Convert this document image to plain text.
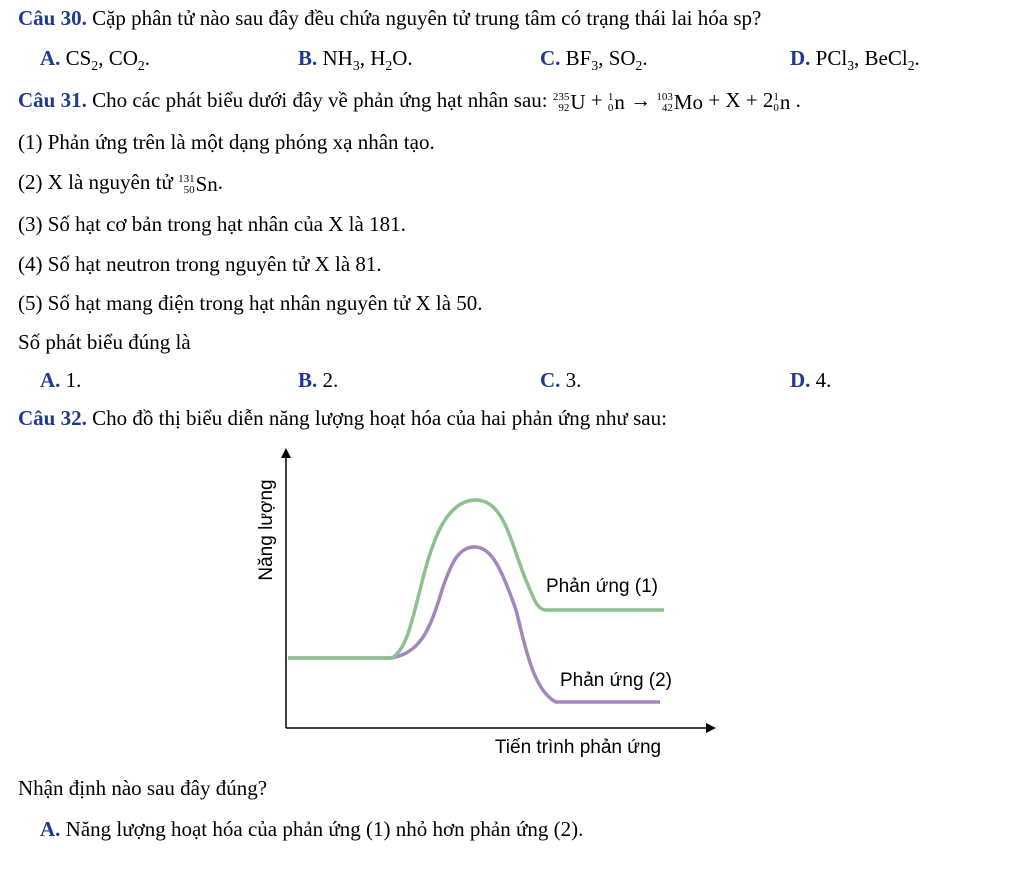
Câu 30. Cặp phân tử nào sau đây đều chứa nguyên tử trung tâm có trạng thái lai hóa sp?
A. $CS_2$, $CO_2$.	B. $NH_3$, $H_2O$.	C. $BF_3$, $SO_2$.	D. PCl$_3$, BeCl$_2$.
Câu 31. Cho các phát biểu dưới đây về phản ứng hạt nhân sau: 235
92 U + 1
0 n → 103
42 Mo + X + 2 1
0 n .
(1) Phản ứng trên là một dạng phóng xạ nhân tạo.
(2) X là nguyên tử 131
50 Sn.
(3) Số hạt cơ bản trong hạt nhân của X là 181.
(4) Số hạt neutron trong nguyên tử X là 81.
(5) Số hạt mang điện trong hạt nhân nguyên tử X là 50.
Số phát biểu đúng là
A. 1.	B. 2.	C. 3.	D. 4.
Câu 32. Cho đồ thị biểu diễn năng lượng hoạt hóa của hai phản ứng như sau:
Năng lượng
Tiến trình phản ứng
Phản ứng (1)
Phản ứng (2)
Nhận định nào sau đây đúng?
A. Năng lượng hoạt hóa của phản ứng (1) nhỏ hơn phản ứng (2).
